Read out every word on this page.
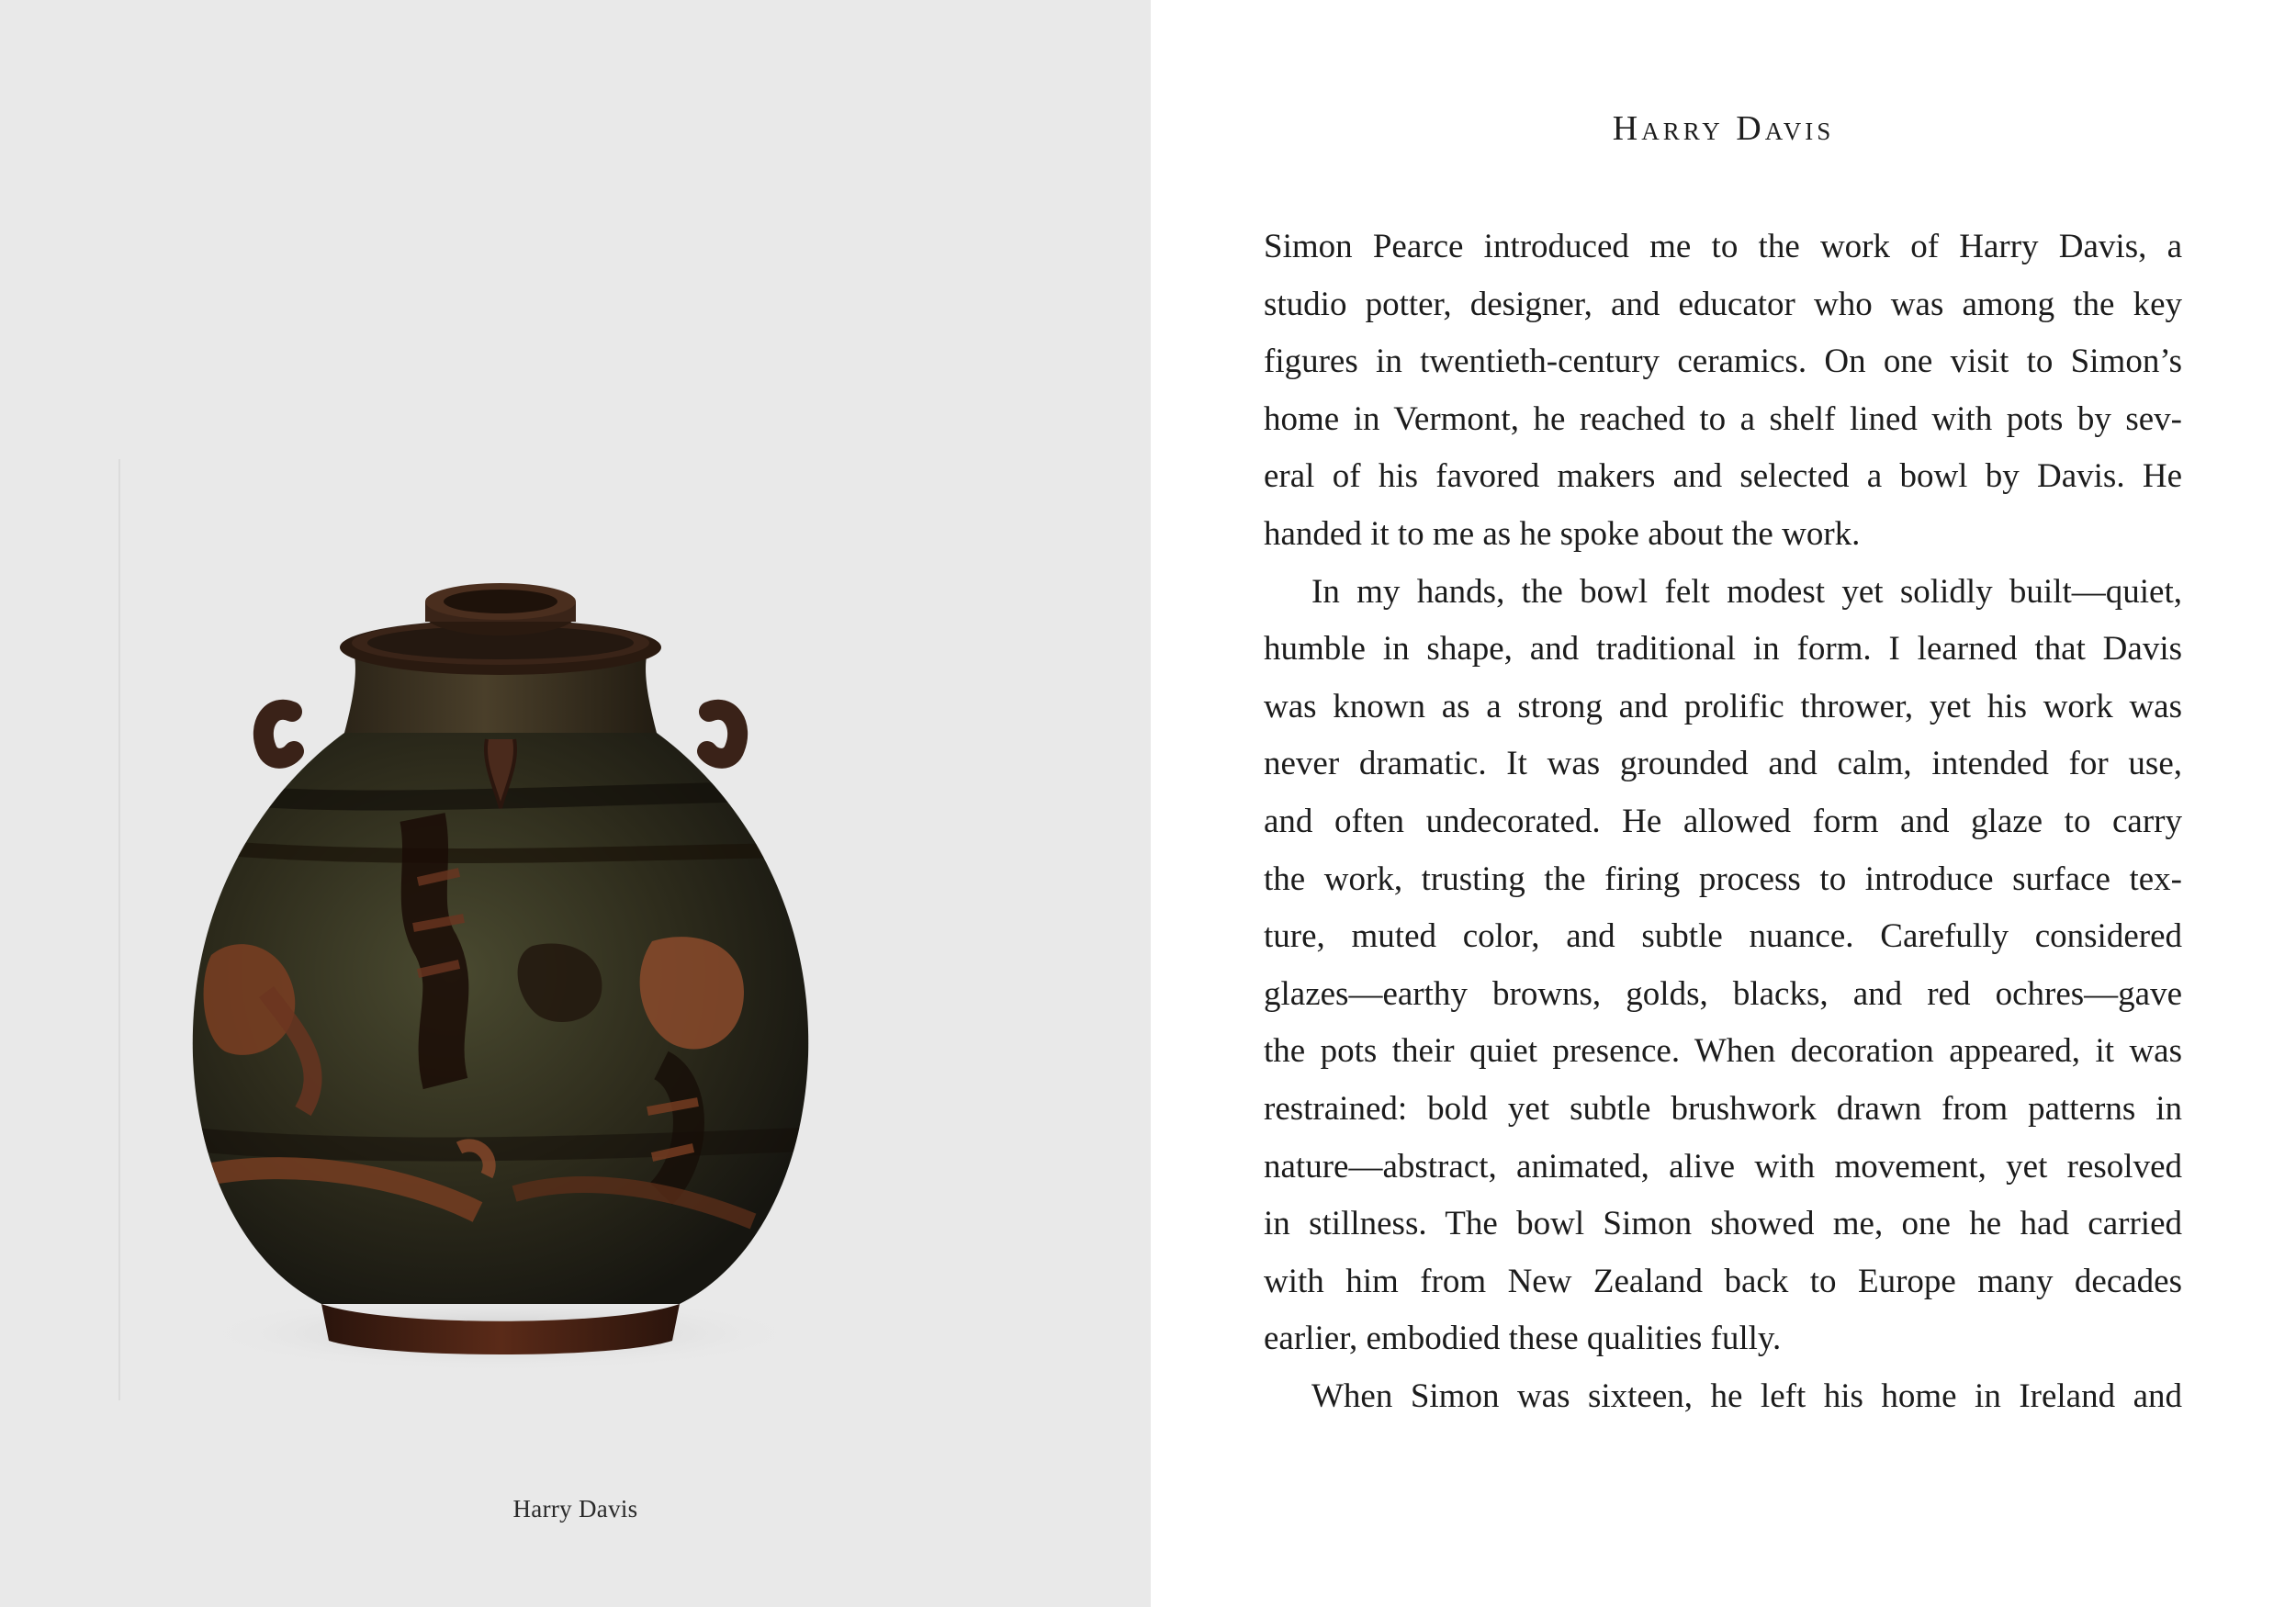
Harry Davis
Harry Davis
Simon Pearce introduced me to the work of Harry Davis, a
studio potter, designer, and educator who was among the key
figures in twentieth-century ceramics. On one visit to Simon’s
home in Vermont, he reached to a shelf lined with pots by sev-
eral of his favored makers and selected a bowl by Davis. He
handed it to me as he spoke about the work.
In my hands, the bowl felt modest yet solidly built—quiet,
humble in shape, and traditional in form. I learned that Davis
was known as a strong and prolific thrower, yet his work was
never dramatic. It was grounded and calm, intended for use,
and often undecorated. He allowed form and glaze to carry
the work, trusting the firing process to introduce surface tex-
ture, muted color, and subtle nuance. Carefully considered
glazes—earthy browns, golds, blacks, and red ochres—gave
the pots their quiet presence. When decoration appeared, it was
restrained: bold yet subtle brushwork drawn from patterns in
nature—abstract, animated, alive with movement, yet resolved
in stillness. The bowl Simon showed me, one he had carried
with him from New Zealand back to Europe many decades
earlier, embodied these qualities fully.
When Simon was sixteen, he left his home in Ireland and
